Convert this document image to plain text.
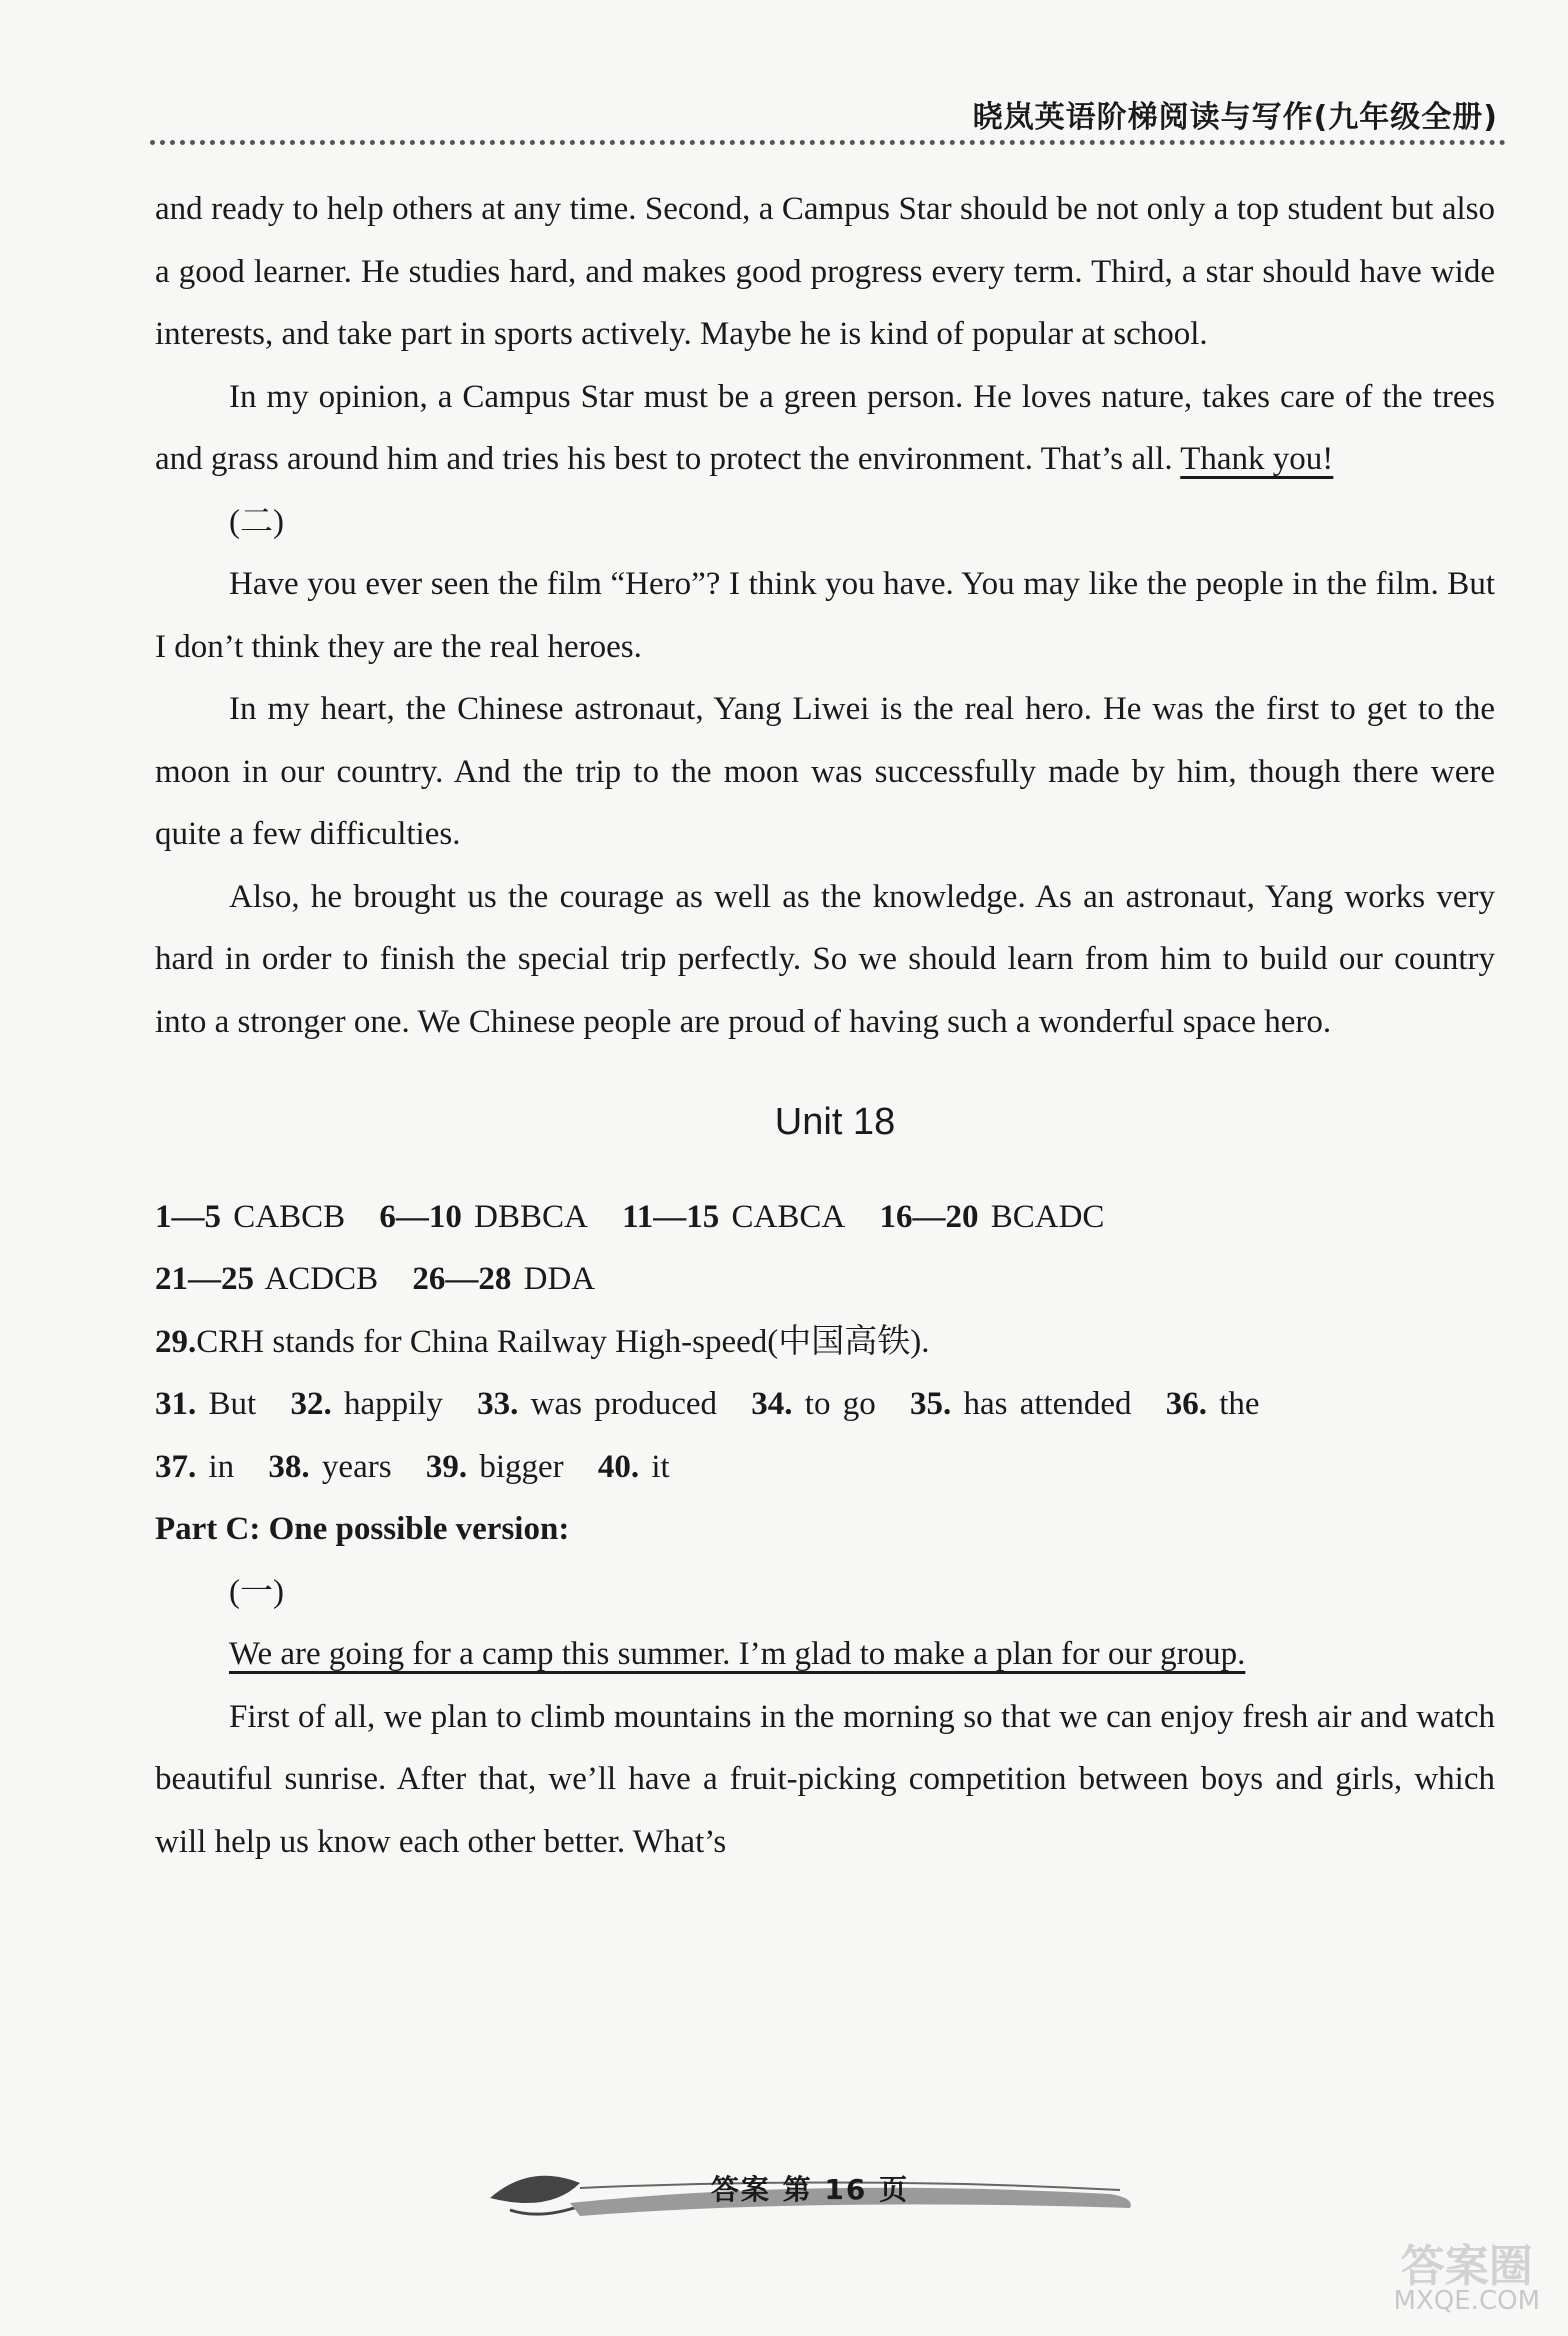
晓岚英语阶梯阅读与写作(九年级全册)

and ready to help others at any time. Second, a Campus Star should be not only a top student but also a good learner. He studies hard, and makes good progress every term. Third, a star should have wide interests, and take part in sports actively. Maybe he is kind of popular at school.

In my opinion, a Campus Star must be a green person. He loves nature, takes care of the trees and grass around him and tries his best to protect the environment. That’s all. Thank you!

(二)

Have you ever seen the film “Hero”? I think you have. You may like the people in the film. But I don’t think they are the real heroes.

In my heart, the Chinese astronaut, Yang Liwei is the real hero. He was the first to get to the moon in our country. And the trip to the moon was successfully made by him, though there were quite a few difficulties.

Also, he brought us the courage as well as the knowledge. As an astronaut, Yang works very hard in order to finish the special trip perfectly. So we should learn from him to build our country into a stronger one. We Chinese people are proud of having such a wonderful space hero.

Unit 18

1—5 CABCB 6—10 DBBCA 11—15 CABCA 16—20 BCADC

21—25 ACDCB 26—28 DDA

29.CRH stands for China Railway High-speed(中国高铁).

31. But 32. happily 33. was produced 34. to go 35. has attended 36. the

37. in 38. years 39. bigger 40. it

Part C: One possible version:

(一)

We are going for a camp this summer. I’m glad to make a plan for our group.

First of all, we plan to climb mountains in the morning so that we can enjoy fresh air and watch beautiful sunrise. After that, we’ll have a fruit-picking competition between boys and girls, which will help us know each other better. What’s

答案 第 16 页
答案圈
MXQE.COM
